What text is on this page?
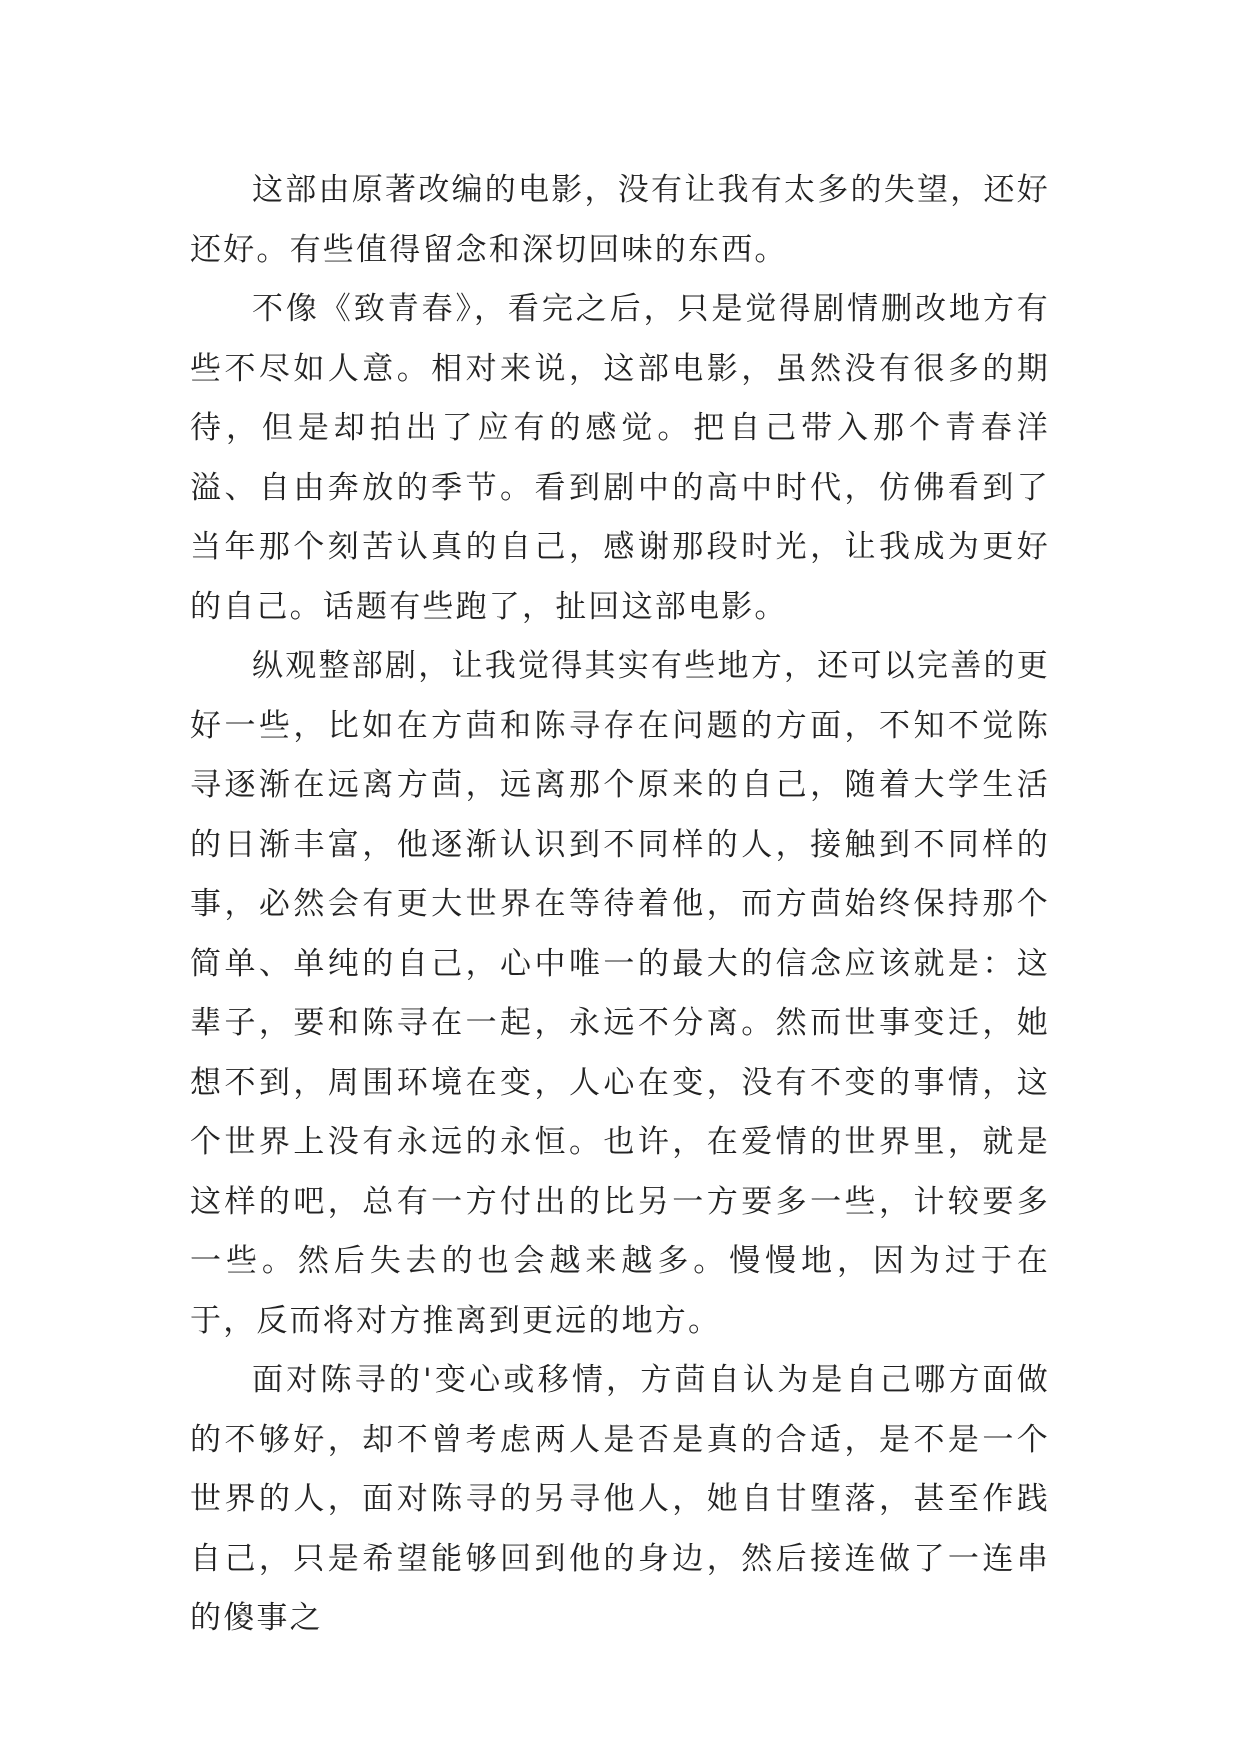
这部由原著改编的电影，没有让我有太多的失望，还好还好。有些值得留念和深切回味的东西。

不像《致青春》，看完之后，只是觉得剧情删改地方有些不尽如人意。相对来说，这部电影，虽然没有很多的期待，但是却拍出了应有的感觉。把自己带入那个青春洋溢、自由奔放的季节。看到剧中的高中时代，仿佛看到了当年那个刻苦认真的自己，感谢那段时光，让我成为更好的自己。话题有些跑了，扯回这部电影。

纵观整部剧，让我觉得其实有些地方，还可以完善的更好一些，比如在方茴和陈寻存在问题的方面，不知不觉陈寻逐渐在远离方茴，远离那个原来的自己，随着大学生活的日渐丰富，他逐渐认识到不同样的人，接触到不同样的事，必然会有更大世界在等待着他，而方茴始终保持那个简单、单纯的自己，心中唯一的最大的信念应该就是：这辈子，要和陈寻在一起，永远不分离。然而世事变迁，她想不到，周围环境在变，人心在变，没有不变的事情，这个世界上没有永远的永恒。也许，在爱情的世界里，就是这样的吧，总有一方付出的比另一方要多一些，计较要多一些。然后失去的也会越来越多。慢慢地，因为过于在于，反而将对方推离到更远的地方。

面对陈寻的'变心或移情，方茴自认为是自己哪方面做的不够好，却不曾考虑两人是否是真的合适，是不是一个世界的人，面对陈寻的另寻他人，她自甘堕落，甚至作践自己，只是希望能够回到他的身边，然后接连做了一连串的傻事之
